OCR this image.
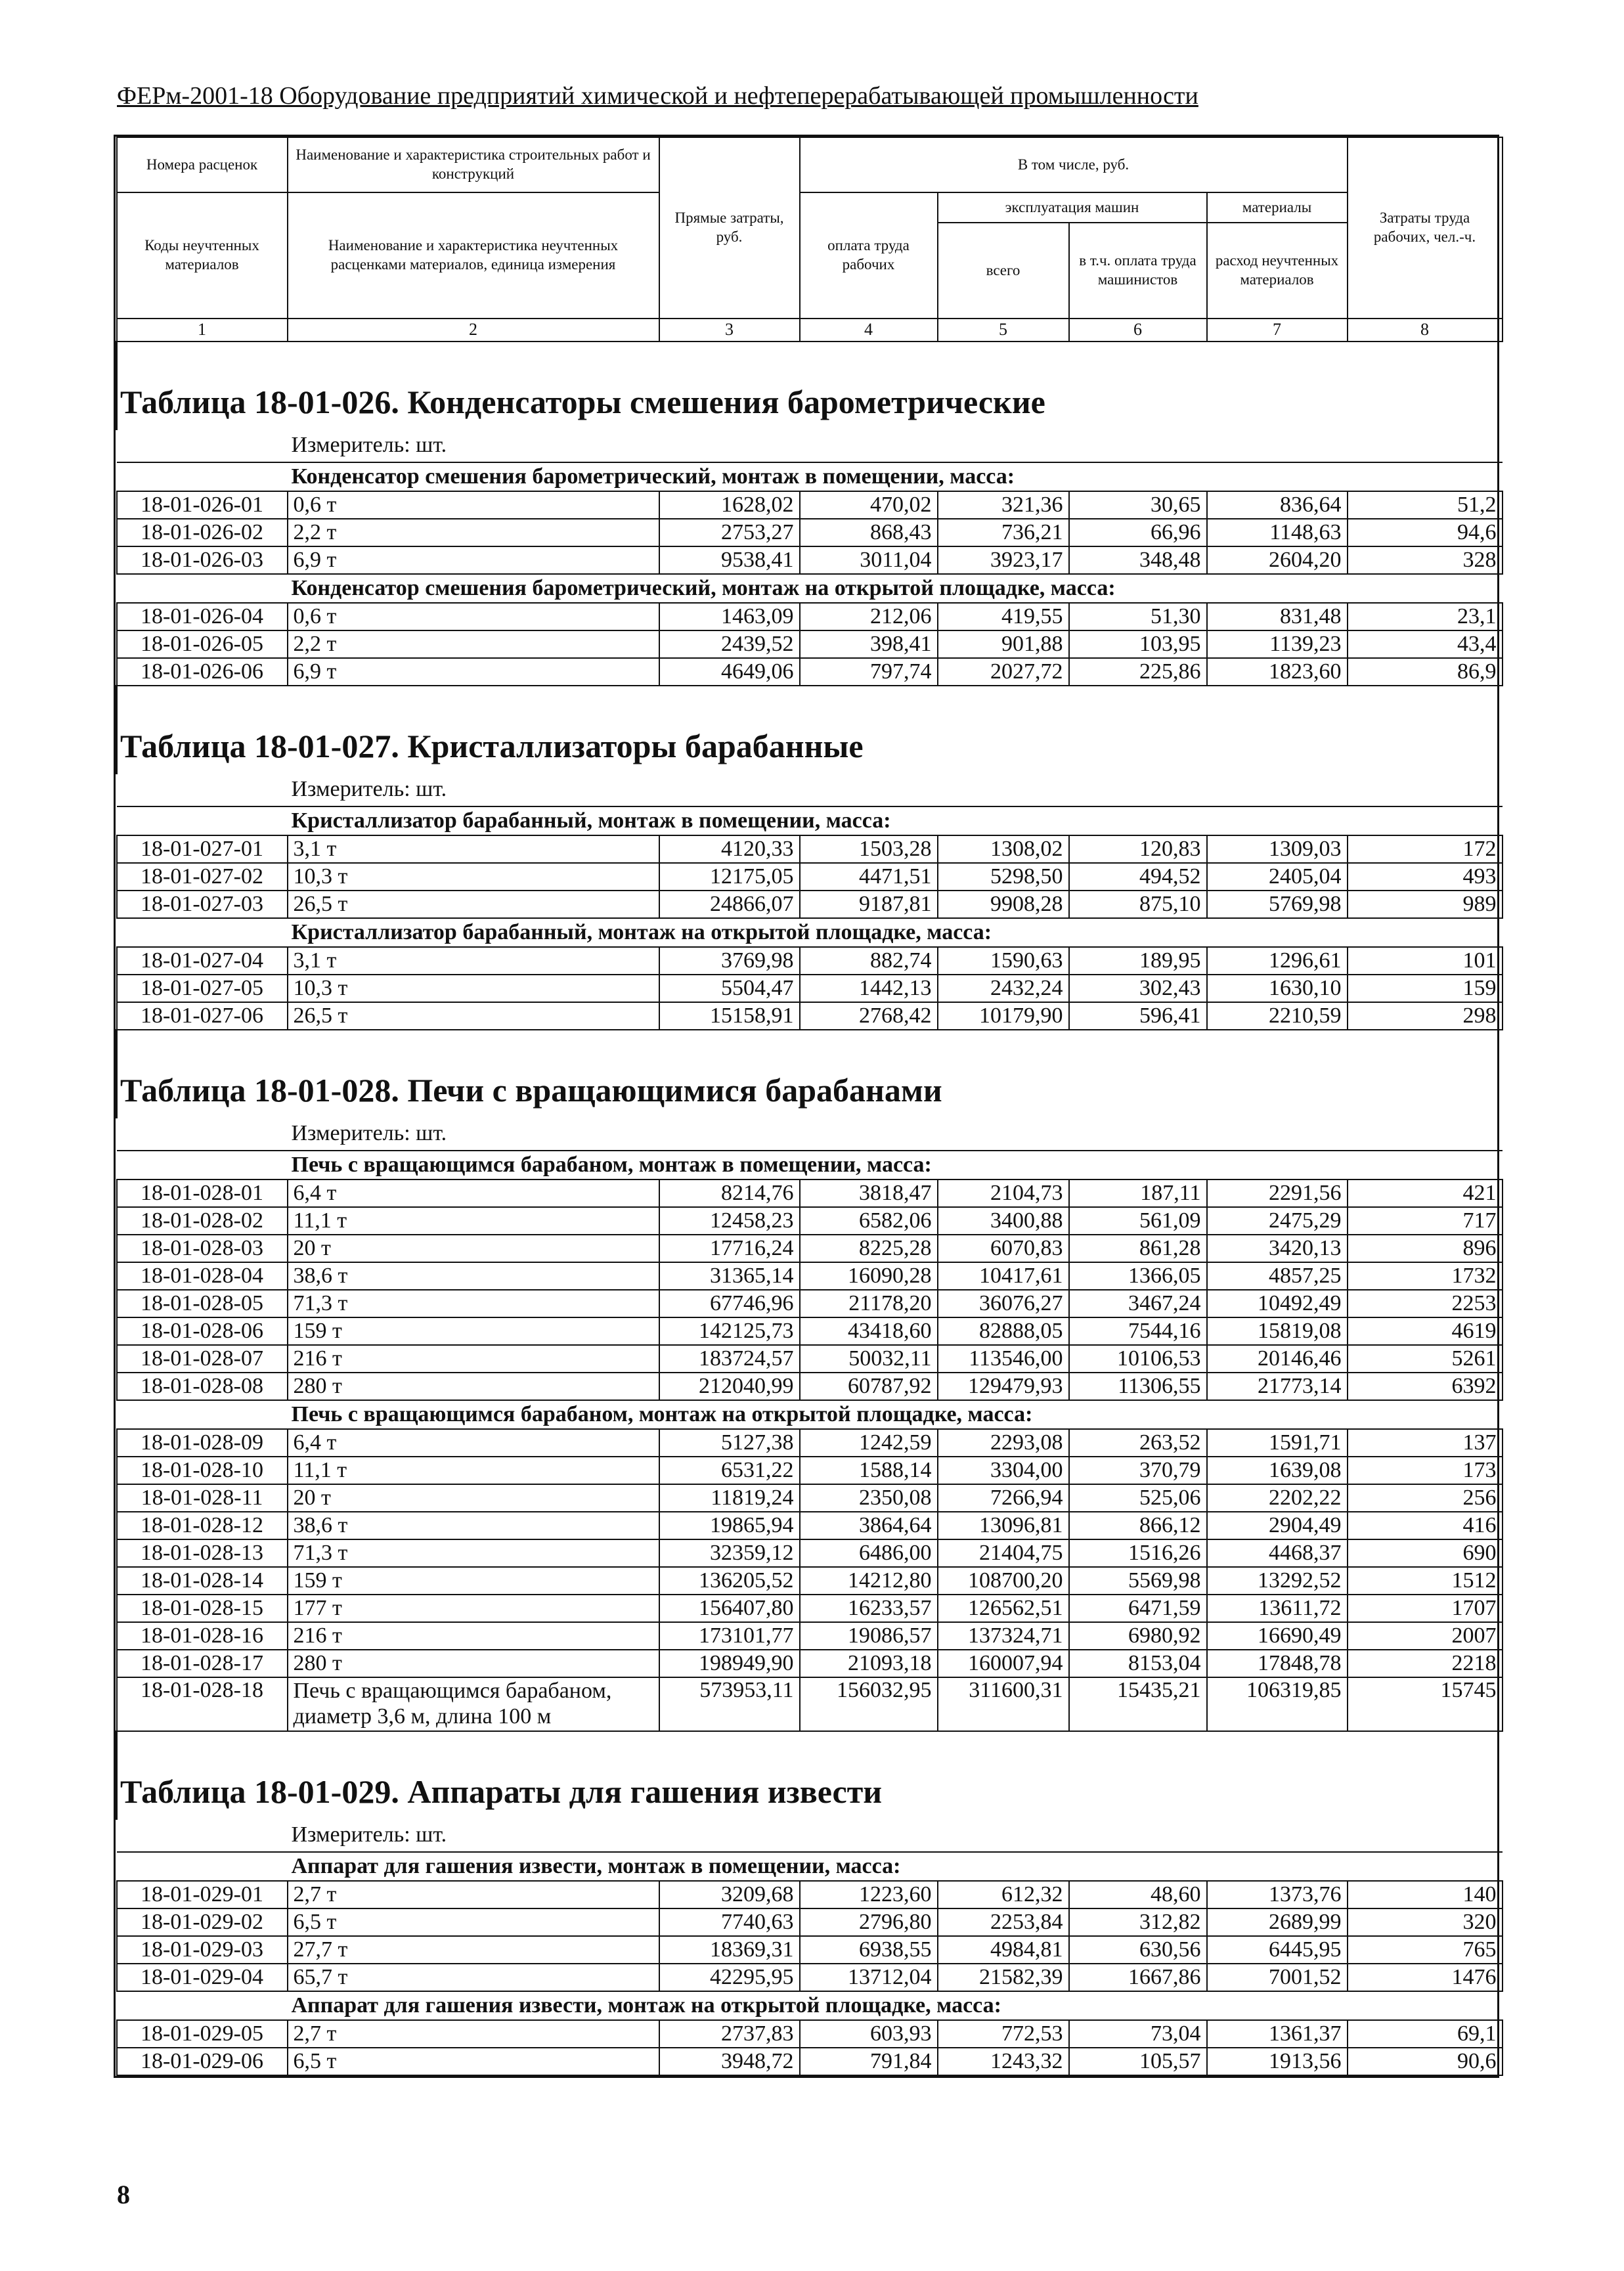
ФЕРм-2001-18 Оборудование предприятий химической и нефтеперерабатывающей промышленности
Номера расценок	Наименование и характеристика строительных работ и конструкций	Прямые затраты, руб.	В том числе, руб.				Затраты труда рабочих, чел.-ч.
Коды неучтенных материалов	Наименование и характеристика неучтенных расценками материалов, единица измерения		оплата труда рабочих	эксплуатация машин		материалы	
				всего	в т.ч. оплата труда машинистов	расход неучтенных материалов	
1	2	3	4	5	6	7	8
Таблица 18-01-026. Конденсаторы смешения барометрические							
Измеритель: шт.							
Конденсатор смешения барометрический, монтаж в помещении, масса:							
18-01-026-01	0,6 т	1628,02	470,02	321,36	30,65	836,64	51,2
18-01-026-02	2,2 т	2753,27	868,43	736,21	66,96	1148,63	94,6
18-01-026-03	6,9 т	9538,41	3011,04	3923,17	348,48	2604,20	328
Конденсатор смешения барометрический, монтаж на открытой площадке, масса:							
18-01-026-04	0,6 т	1463,09	212,06	419,55	51,30	831,48	23,1
18-01-026-05	2,2 т	2439,52	398,41	901,88	103,95	1139,23	43,4
18-01-026-06	6,9 т	4649,06	797,74	2027,72	225,86	1823,60	86,9
Таблица 18-01-027. Кристаллизаторы барабанные							
Измеритель: шт.							
Кристаллизатор барабанный, монтаж в помещении, масса:							
18-01-027-01	3,1 т	4120,33	1503,28	1308,02	120,83	1309,03	172
18-01-027-02	10,3 т	12175,05	4471,51	5298,50	494,52	2405,04	493
18-01-027-03	26,5 т	24866,07	9187,81	9908,28	875,10	5769,98	989
Кристаллизатор барабанный, монтаж на открытой площадке, масса:							
18-01-027-04	3,1 т	3769,98	882,74	1590,63	189,95	1296,61	101
18-01-027-05	10,3 т	5504,47	1442,13	2432,24	302,43	1630,10	159
18-01-027-06	26,5 т	15158,91	2768,42	10179,90	596,41	2210,59	298
Таблица 18-01-028. Печи с вращающимися барабанами							
Измеритель: шт.							
Печь с вращающимся барабаном, монтаж в помещении, масса:							
18-01-028-01	6,4 т	8214,76	3818,47	2104,73	187,11	2291,56	421
18-01-028-02	11,1 т	12458,23	6582,06	3400,88	561,09	2475,29	717
18-01-028-03	20 т	17716,24	8225,28	6070,83	861,28	3420,13	896
18-01-028-04	38,6 т	31365,14	16090,28	10417,61	1366,05	4857,25	1732
18-01-028-05	71,3 т	67746,96	21178,20	36076,27	3467,24	10492,49	2253
18-01-028-06	159 т	142125,73	43418,60	82888,05	7544,16	15819,08	4619
18-01-028-07	216 т	183724,57	50032,11	113546,00	10106,53	20146,46	5261
18-01-028-08	280 т	212040,99	60787,92	129479,93	11306,55	21773,14	6392
Печь с вращающимся барабаном, монтаж на открытой площадке, масса:							
18-01-028-09	6,4 т	5127,38	1242,59	2293,08	263,52	1591,71	137
18-01-028-10	11,1 т	6531,22	1588,14	3304,00	370,79	1639,08	173
18-01-028-11	20 т	11819,24	2350,08	7266,94	525,06	2202,22	256
18-01-028-12	38,6 т	19865,94	3864,64	13096,81	866,12	2904,49	416
18-01-028-13	71,3 т	32359,12	6486,00	21404,75	1516,26	4468,37	690
18-01-028-14	159 т	136205,52	14212,80	108700,20	5569,98	13292,52	1512
18-01-028-15	177 т	156407,80	16233,57	126562,51	6471,59	13611,72	1707
18-01-028-16	216 т	173101,77	19086,57	137324,71	6980,92	16690,49	2007
18-01-028-17	280 т	198949,90	21093,18	160007,94	8153,04	17848,78	2218
18-01-028-18	Печь с вращающимся барабаном, диаметр 3,6 м, длина 100 м	573953,11	156032,95	311600,31	15435,21	106319,85	15745
Таблица 18-01-029. Аппараты для гашения извести							
Измеритель: шт.							
Аппарат для гашения извести, монтаж в помещении, масса:							
18-01-029-01	2,7 т	3209,68	1223,60	612,32	48,60	1373,76	140
18-01-029-02	6,5 т	7740,63	2796,80	2253,84	312,82	2689,99	320
18-01-029-03	27,7 т	18369,31	6938,55	4984,81	630,56	6445,95	765
18-01-029-04	65,7 т	42295,95	13712,04	21582,39	1667,86	7001,52	1476
Аппарат для гашения извести, монтаж на открытой площадке, масса:							
18-01-029-05	2,7 т	2737,83	603,93	772,53	73,04	1361,37	69,1
18-01-029-06	6,5 т	3948,72	791,84	1243,32	105,57	1913,56	90,6
8
